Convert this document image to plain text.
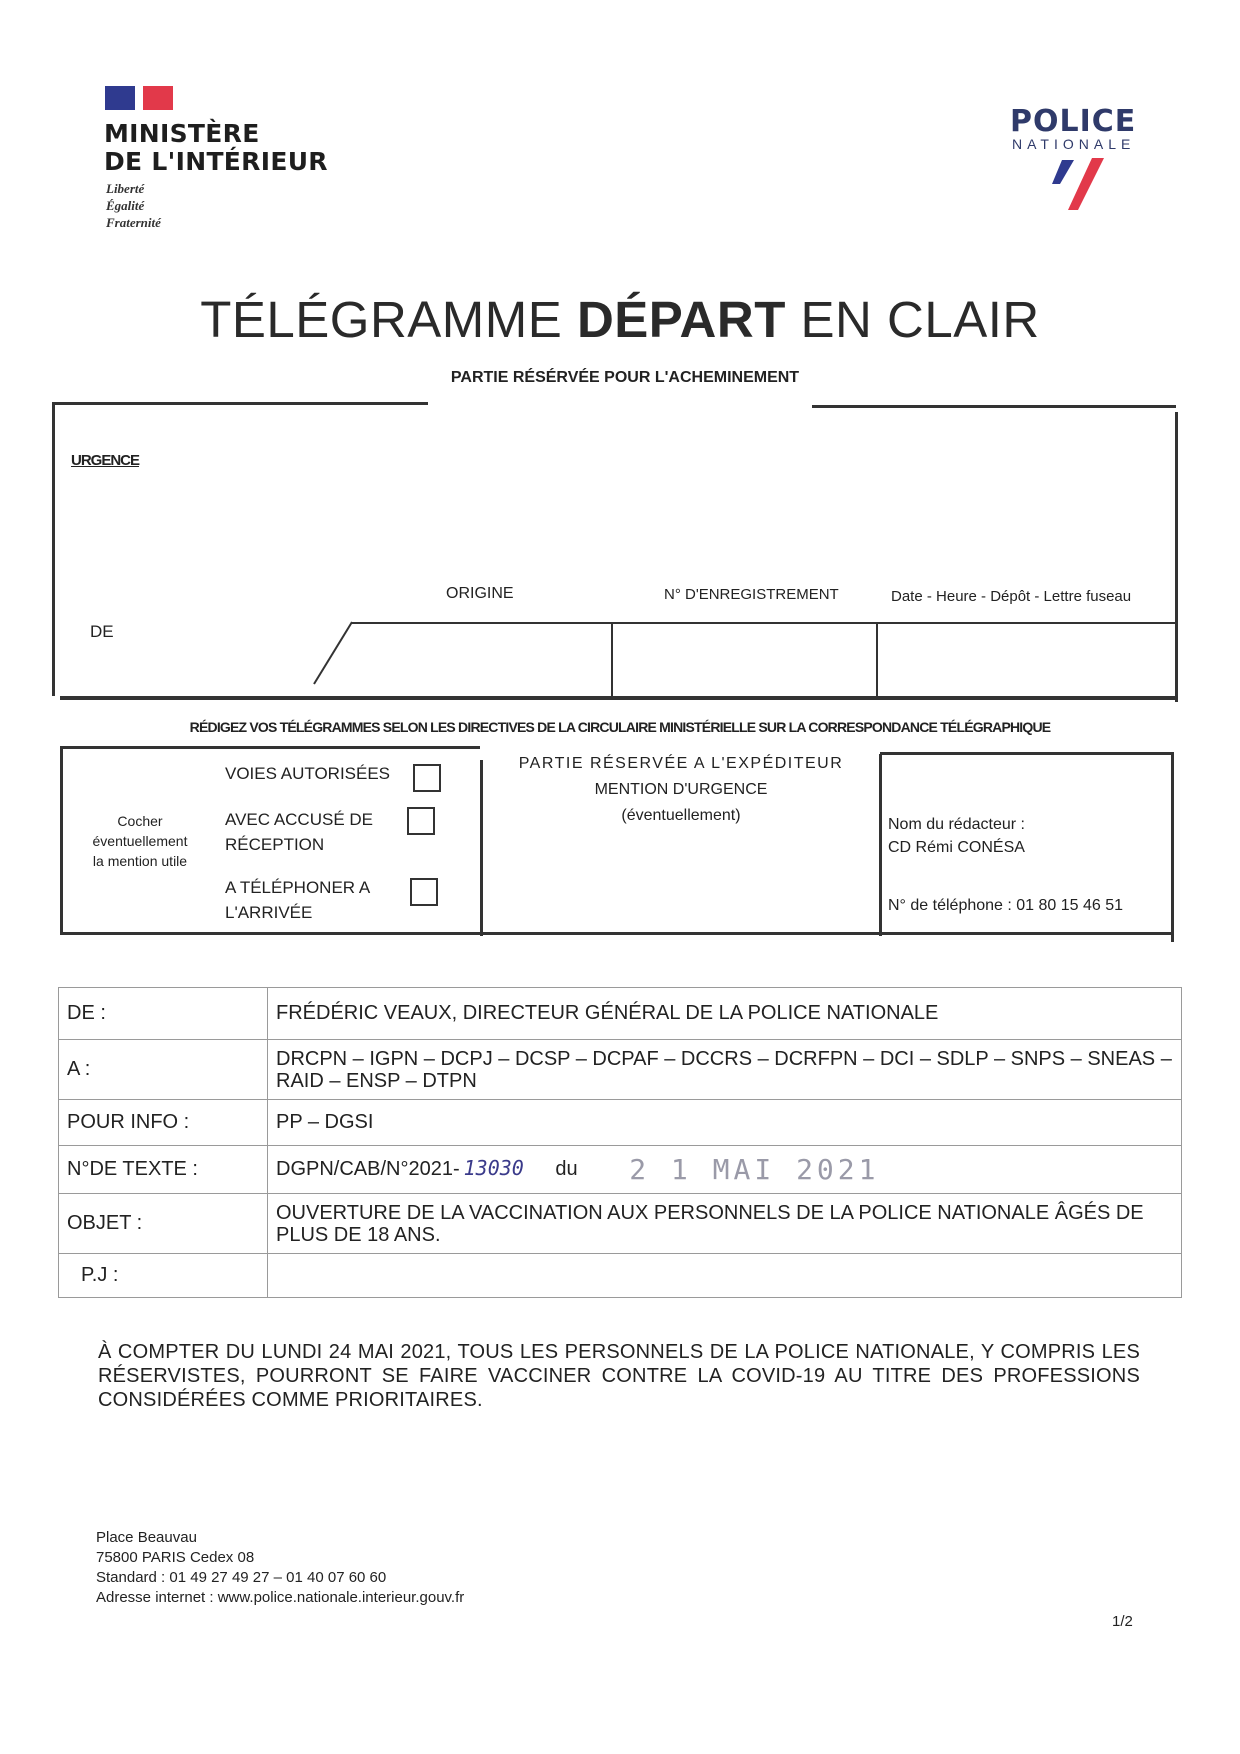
MINISTÈRE
DE L'INTÉRIEUR
Liberté
Égalité
Fraternité
POLICE
NATIONALE
TÉLÉGRAMME DÉPART EN CLAIR
PARTIE RÉSÉRVÉE POUR L'ACHEMINEMENT
URGENCE
ORIGINE	N° D'ENREGISTREMENT	Date - Heure - Dépôt - Lettre fuseau
DE
RÉDIGEZ VOS TÉLÉGRAMMES SELON LES DIRECTIVES DE LA CIRCULAIRE MINISTÉRIELLE SUR LA CORRESPONDANCE TÉLÉGRAPHIQUE
Cocher
éventuellement
la mention utile
VOIES AUTORISÉES
AVEC ACCUSÉ DE
RÉCEPTION
A TÉLÉPHONER A
L'ARRIVÉE
PARTIE RÉSERVÉE A L'EXPÉDITEUR
MENTION D'URGENCE
(éventuellement)
Nom du rédacteur :
CD Rémi CONÉSA
N° de téléphone : 01 80 15 46 51
DE :	FRÉDÉRIC VEAUX, DIRECTEUR GÉNÉRAL DE LA POLICE NATIONALE
A :	DRCPN – IGPN – DCPJ – DCSP – DCPAF – DCCRS – DCRFPN – DCI – SDLP – SNPS – SNEAS – RAID – ENSP – DTPN
POUR INFO :	PP – DGSI
N°DE TEXTE :	DGPN/CAB/N°2021- 13030 du 2 1 MAI 2021
OBJET :	OUVERTURE DE LA VACCINATION AUX PERSONNELS DE LA POLICE NATIONALE ÂGÉS DE PLUS DE 18 ANS.
P.J :	
À COMPTER DU LUNDI 24 MAI 2021, TOUS LES PERSONNELS DE LA POLICE NATIONALE, Y COMPRIS LES RÉSERVISTES, POURRONT SE FAIRE VACCINER CONTRE LA COVID-19 AU TITRE DES PROFESSIONS CONSIDÉRÉES COMME PRIORITAIRES.
Place Beauvau
75800 PARIS Cedex 08
Standard : 01 49 27 49 27 – 01 40 07 60 60
Adresse internet : www.police.nationale.interieur.gouv.fr
1/2
